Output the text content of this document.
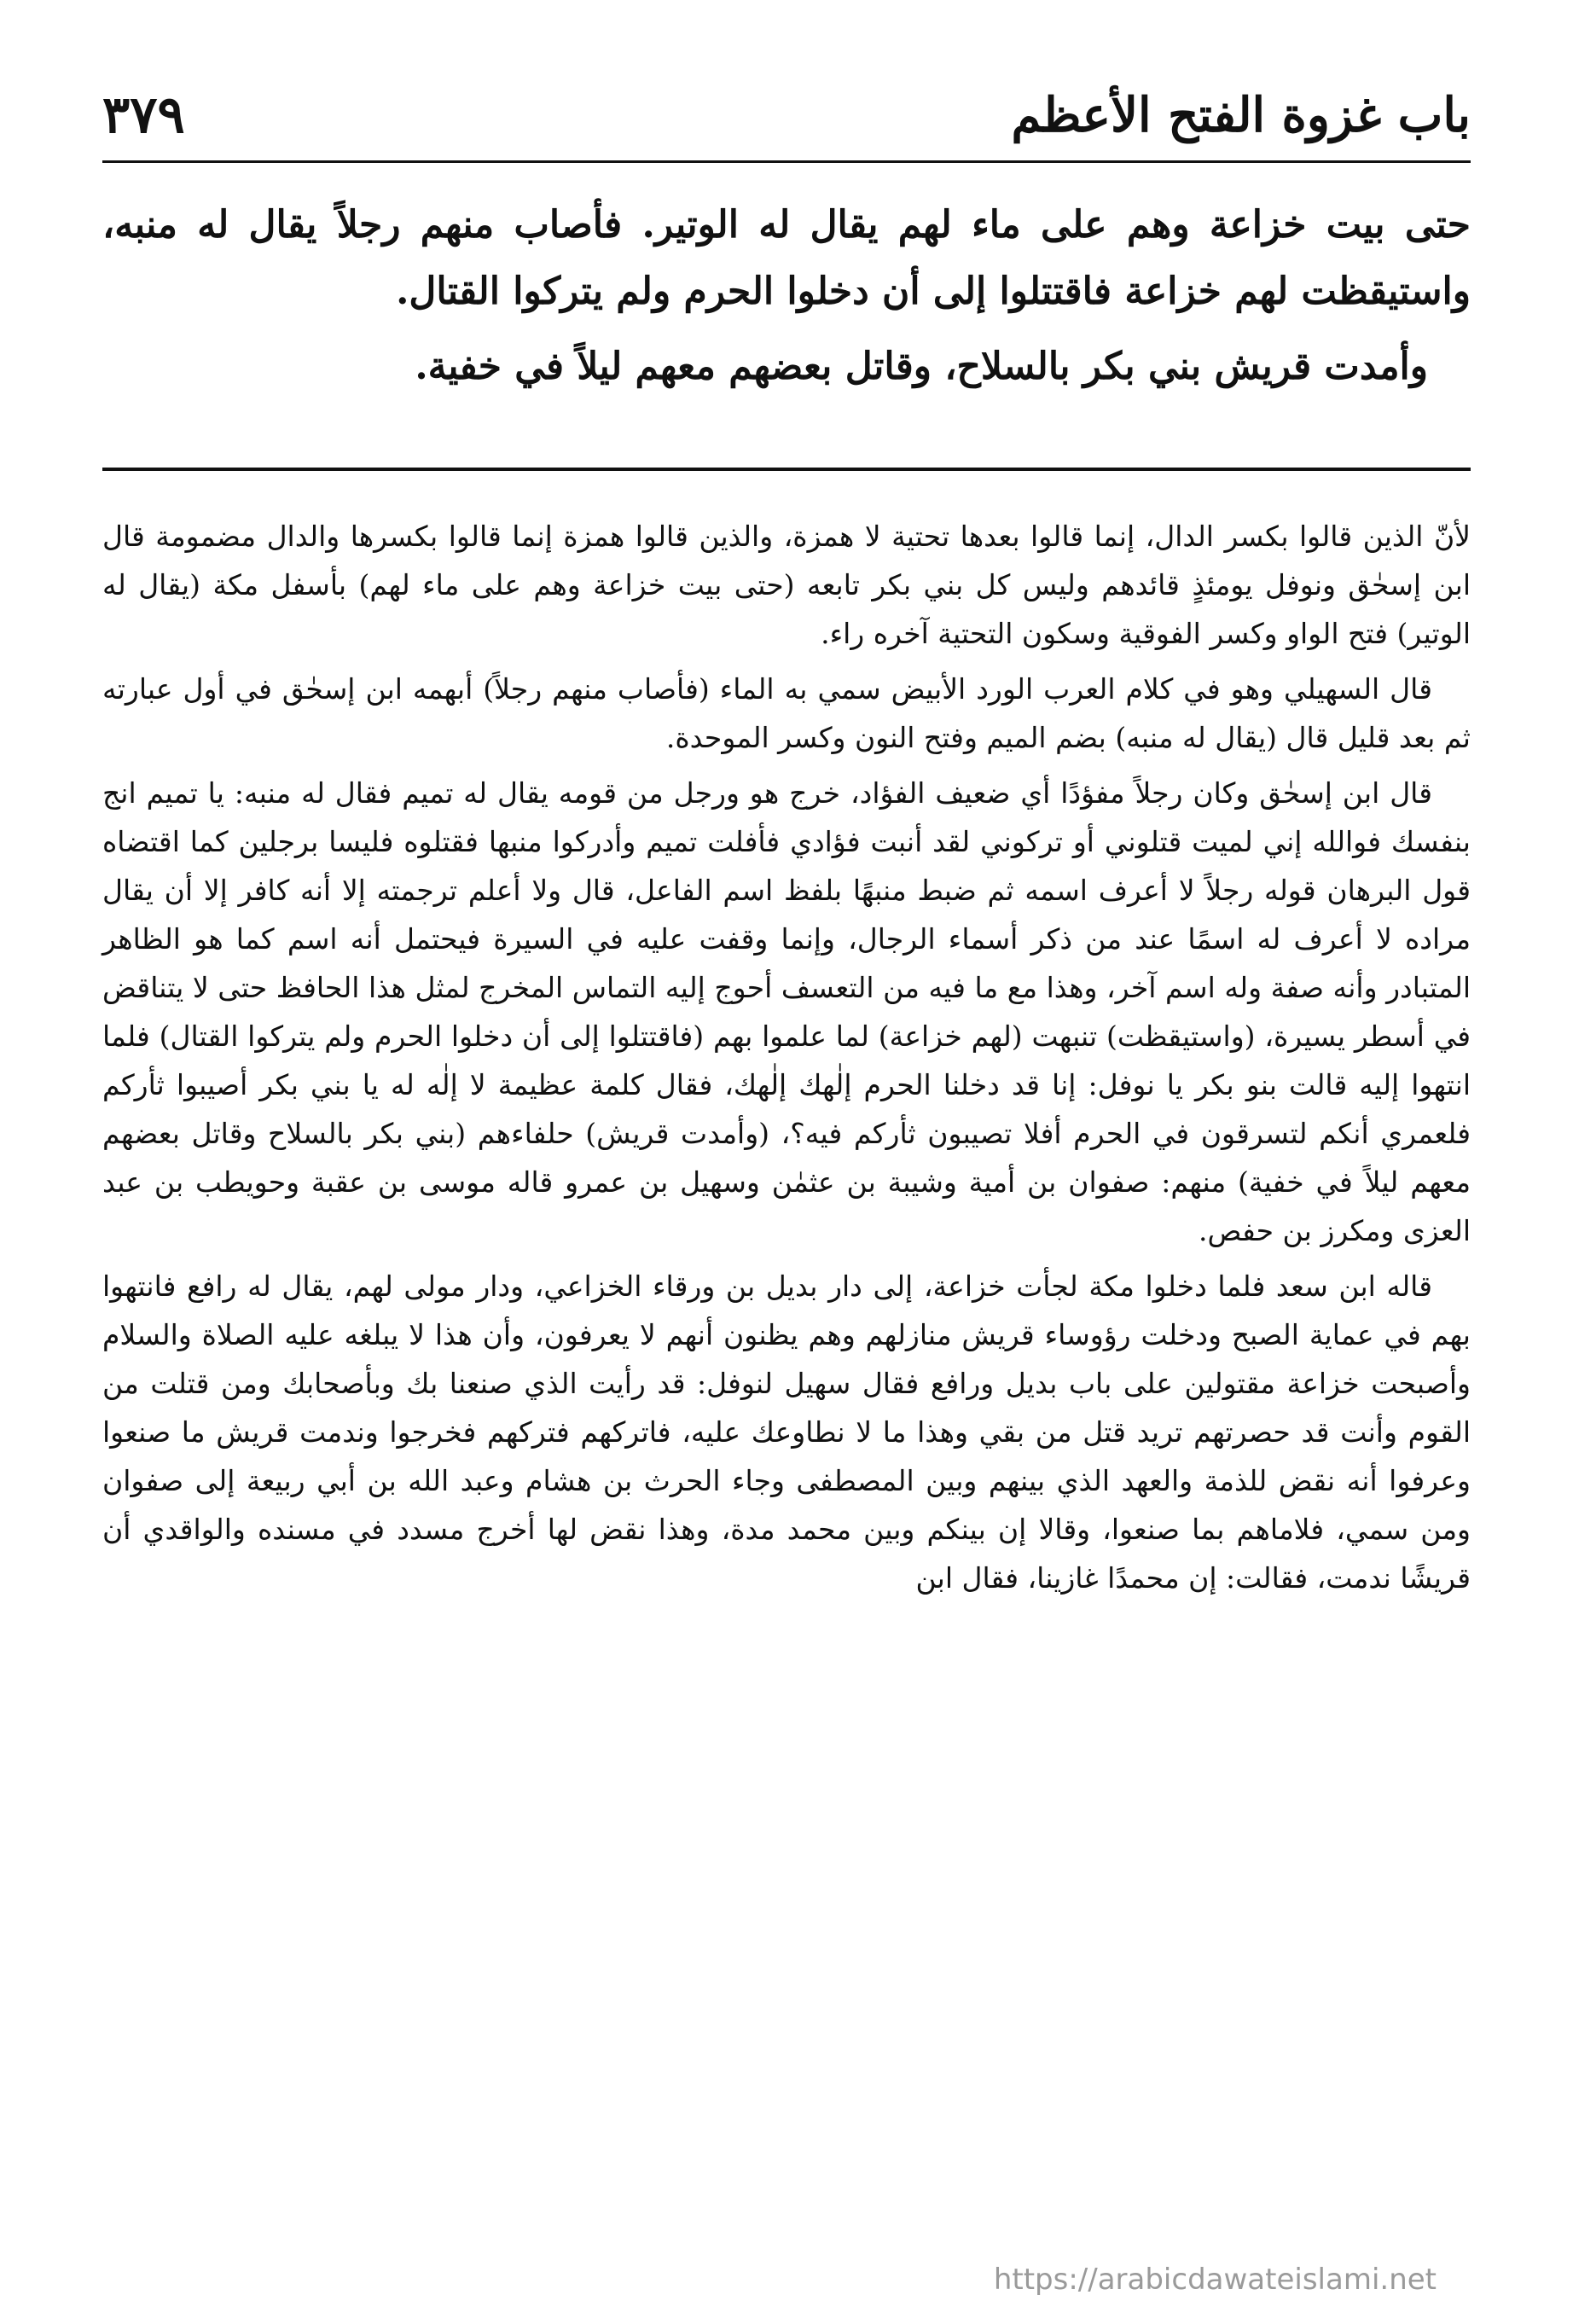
باب غزوة الفتح الأعظم
٣٧٩

حتى بيت خزاعة وهم على ماء لهم يقال له الوتير. فأصاب منهم رجلاً يقال له منبه، واستيقظت لهم خزاعة فاقتتلوا إلى أن دخلوا الحرم ولم يتركوا القتال.

وأمدت قريش بني بكر بالسلاح، وقاتل بعضهم معهم ليلاً في خفية.

لأنّ الذين قالوا بكسر الدال، إنما قالوا بعدها تحتية لا همزة، والذين قالوا همزة إنما قالوا بكسرها والدال مضمومة قال ابن إسحٰق ونوفل يومئذٍ قائدهم وليس كل بني بكر تابعه (حتى بيت خزاعة وهم على ماء لهم) بأسفل مكة (يقال له الوتير) فتح الواو وكسر الفوقية وسكون التحتية آخره راء.

قال السهيلي وهو في كلام العرب الورد الأبيض سمي به الماء (فأصاب منهم رجلاً) أبهمه ابن إسحٰق في أول عبارته ثم بعد قليل قال (يقال له منبه) بضم الميم وفتح النون وكسر الموحدة.

قال ابن إسحٰق وكان رجلاً مفؤدًا أي ضعيف الفؤاد، خرج هو ورجل من قومه يقال له تميم فقال له منبه: يا تميم انج بنفسك فوالله إني لميت قتلوني أو تركوني لقد أنبت فؤادي فأفلت تميم وأدركوا منبها فقتلوه فليسا برجلين كما اقتضاه قول البرهان قوله رجلاً لا أعرف اسمه ثم ضبط منبهًا بلفظ اسم الفاعل، قال ولا أعلم ترجمته إلا أنه كافر إلا أن يقال مراده لا أعرف له اسمًا عند من ذكر أسماء الرجال، وإنما وقفت عليه في السيرة فيحتمل أنه اسم كما هو الظاهر المتبادر وأنه صفة وله اسم آخر، وهذا مع ما فيه من التعسف أحوج إليه التماس المخرج لمثل هذا الحافظ حتى لا يتناقض في أسطر يسيرة، (واستيقظت) تنبهت (لهم خزاعة) لما علموا بهم (فاقتتلوا إلى أن دخلوا الحرم ولم يتركوا القتال) فلما انتهوا إليه قالت بنو بكر يا نوفل: إنا قد دخلنا الحرم إلٰهك إلٰهك، فقال كلمة عظيمة لا إلٰه له يا بني بكر أصيبوا ثأركم فلعمري أنكم لتسرقون في الحرم أفلا تصيبون ثأركم فيه؟، (وأمدت قريش) حلفاءهم (بني بكر بالسلاح وقاتل بعضهم معهم ليلاً في خفية) منهم: صفوان بن أمية وشيبة بن عثمٰن وسهيل بن عمرو قاله موسى بن عقبة وحويطب بن عبد العزى ومكرز بن حفص.

قاله ابن سعد فلما دخلوا مكة لجأت خزاعة، إلى دار بديل بن ورقاء الخزاعي، ودار مولى لهم، يقال له رافع فانتهوا بهم في عماية الصبح ودخلت رؤوساء قريش منازلهم وهم يظنون أنهم لا يعرفون، وأن هذا لا يبلغه عليه الصلاة والسلام وأصبحت خزاعة مقتولين على باب بديل ورافع فقال سهيل لنوفل: قد رأيت الذي صنعنا بك وبأصحابك ومن قتلت من القوم وأنت قد حصرتهم تريد قتل من بقي وهذا ما لا نطاوعك عليه، فاتركهم فتركهم فخرجوا وندمت قريش ما صنعوا وعرفوا أنه نقض للذمة والعهد الذي بينهم وبين المصطفى وجاء الحرث بن هشام وعبد الله بن أبي ربيعة إلى صفوان ومن سمي، فلاماهم بما صنعوا، وقالا إن بينكم وبين محمد مدة، وهذا نقض لها أخرج مسدد في مسنده والواقدي أن قريشًا ندمت، فقالت: إن محمدًا غازينا، فقال ابن

https://arabicdawateislami.net
